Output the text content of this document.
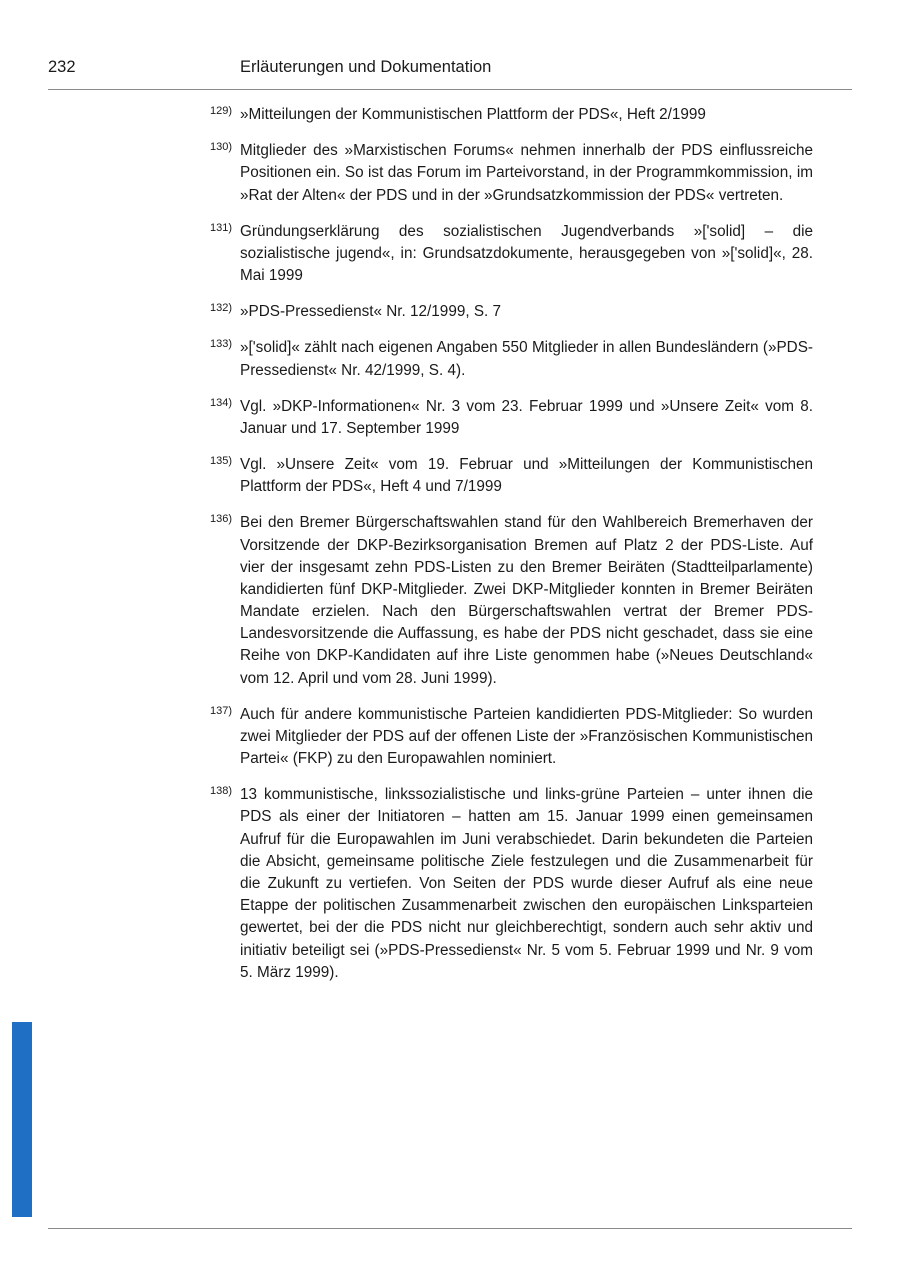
232	Erläuterungen und Dokumentation
129) »Mitteilungen der Kommunistischen Plattform der PDS«, Heft 2/1999
130) Mitglieder des »Marxistischen Forums« nehmen innerhalb der PDS einflussreiche Positionen ein. So ist das Forum im Parteivorstand, in der Programmkommission, im »Rat der Alten« der PDS und in der »Grundsatzkommission der PDS« vertreten.
131) Gründungserklärung des sozialistischen Jugendverbands »[ʹsolid] – die sozialistische jugend«, in: Grundsatzdokumente, herausgegeben von »[ʹsolid]«, 28. Mai 1999
132) »PDS-Pressedienst« Nr. 12/1999, S. 7
133) »[ʹsolid]« zählt nach eigenen Angaben 550 Mitglieder in allen Bundesländern (»PDS-Pressedienst« Nr. 42/1999, S. 4).
134) Vgl. »DKP-Informationen« Nr. 3 vom 23. Februar 1999 und »Unsere Zeit« vom 8. Januar und 17. September 1999
135) Vgl. »Unsere Zeit« vom 19. Februar und »Mitteilungen der Kommunistischen Plattform der PDS«, Heft 4 und 7/1999
136) Bei den Bremer Bürgerschaftswahlen stand für den Wahlbereich Bremerhaven der Vorsitzende der DKP-Bezirksorganisation Bremen auf Platz 2 der PDS-Liste. Auf vier der insgesamt zehn PDS-Listen zu den Bremer Beiräten (Stadtteilparlamente) kandidierten fünf DKP-Mitglieder. Zwei DKP-Mitglieder konnten in Bremer Beiräten Mandate erzielen. Nach den Bürgerschaftswahlen vertrat der Bremer PDS-Landesvorsitzende die Auffassung, es habe der PDS nicht geschadet, dass sie eine Reihe von DKP-Kandidaten auf ihre Liste genommen habe (»Neues Deutschland« vom 12. April und vom 28. Juni 1999).
137) Auch für andere kommunistische Parteien kandidierten PDS-Mitglieder: So wurden zwei Mitglieder der PDS auf der offenen Liste der »Französischen Kommunistischen Partei« (FKP) zu den Europawahlen nominiert.
138) 13 kommunistische, linkssozialistische und links-grüne Parteien – unter ihnen die PDS als einer der Initiatoren – hatten am 15. Januar 1999 einen gemeinsamen Aufruf für die Europawahlen im Juni verabschiedet. Darin bekundeten die Parteien die Absicht, gemeinsame politische Ziele festzulegen und die Zusammenarbeit für die Zukunft zu vertiefen. Von Seiten der PDS wurde dieser Aufruf als eine neue Etappe der politischen Zusammenarbeit zwischen den europäischen Linksparteien gewertet, bei der die PDS nicht nur gleichberechtigt, sondern auch sehr aktiv und initiativ beteiligt sei (»PDS-Pressedienst« Nr. 5 vom 5. Februar 1999 und Nr. 9 vom 5. März 1999).
